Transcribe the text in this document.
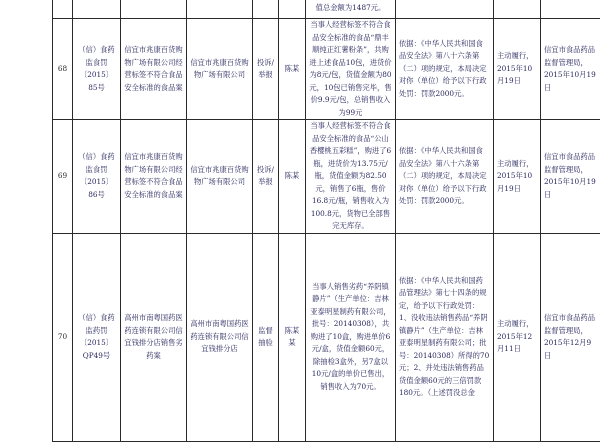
						值总金额为1487元。			
68	（信）食药监食罚〔2015〕85号	信宜市兆康百货购物广场有限公司经营标签不符合食品安全标准的食品案	信宜市兆康百货购物广场有限公司	投诉/举报	陈某	当事人经营标签不符合食品安全标准的食品“鼎丰顺纯正红薯粉条”，共购进上述食品10包，进货价为8元/包，货值金额为80元，10包已销售完毕，售价9.9元/包，总销售收入为99元	依据：《中华人民共和国食品安全法》第八十六条第（二）项的规定，本局决定对你（单位）给予以下行政处罚：罚款2000元。	主动履行，2015年10月19日	信宜市食品药品监督管理局，2015年10月19日
69	（信）食药监食罚〔2015〕86号	信宜市兆康百货购物广场有限公司经营标签不符合食品安全标准的食品案	信宜市兆康百货购物广场有限公司	投诉/举报	陈某	当事人经营标签不符合食品安全标准的食品“公山香樱桃五彩糕”，购进了6瓶，进货价为13.75元/瓶，货值金额为82.50元，销售了6瓶，售价16.8元/瓶，销售收入为100.8元，货物已全部售完无库存。	依据：《中华人民共和国食品安全法》第八十六条第（二）项的规定，本局决定对你（单位）给予以下行政处罚：罚款2000元。	主动履行，2015年10月19日	信宜市食品药品监督管理局，2015年10月19日
70	（信）食药监药罚〔2015〕QP49号	高州市南粤国药医药连锁有限公司信宜钱排分店销售劣药案	高州市南粤国药医药连锁有限公司信宜钱排分店	监督抽验	陈某某	当事人销售劣药“养阴镇静片”（生产单位：吉林亚泰明星制药有限公司，批号：20140308），共购进了10盒，购进单价6元/盒，货值金额60元，除抽检3盒外，另7盒以10元/盒的单价已售出，销售收入为70元。	依据：《中华人民共和国药品管理法》第七十四条的规定，给予以下行政处罚：1、没收违法销售药品“养阴镇静片”（生产单位：吉林亚泰明星制药有限公司；批号：20140308）所得的70元；2、并处违法销售药品货值金额60元的三倍罚款180元。（上述罚没总金	主动履行，2015年12月11日	信宜市食品药品监督管理局，2015年12月9日
